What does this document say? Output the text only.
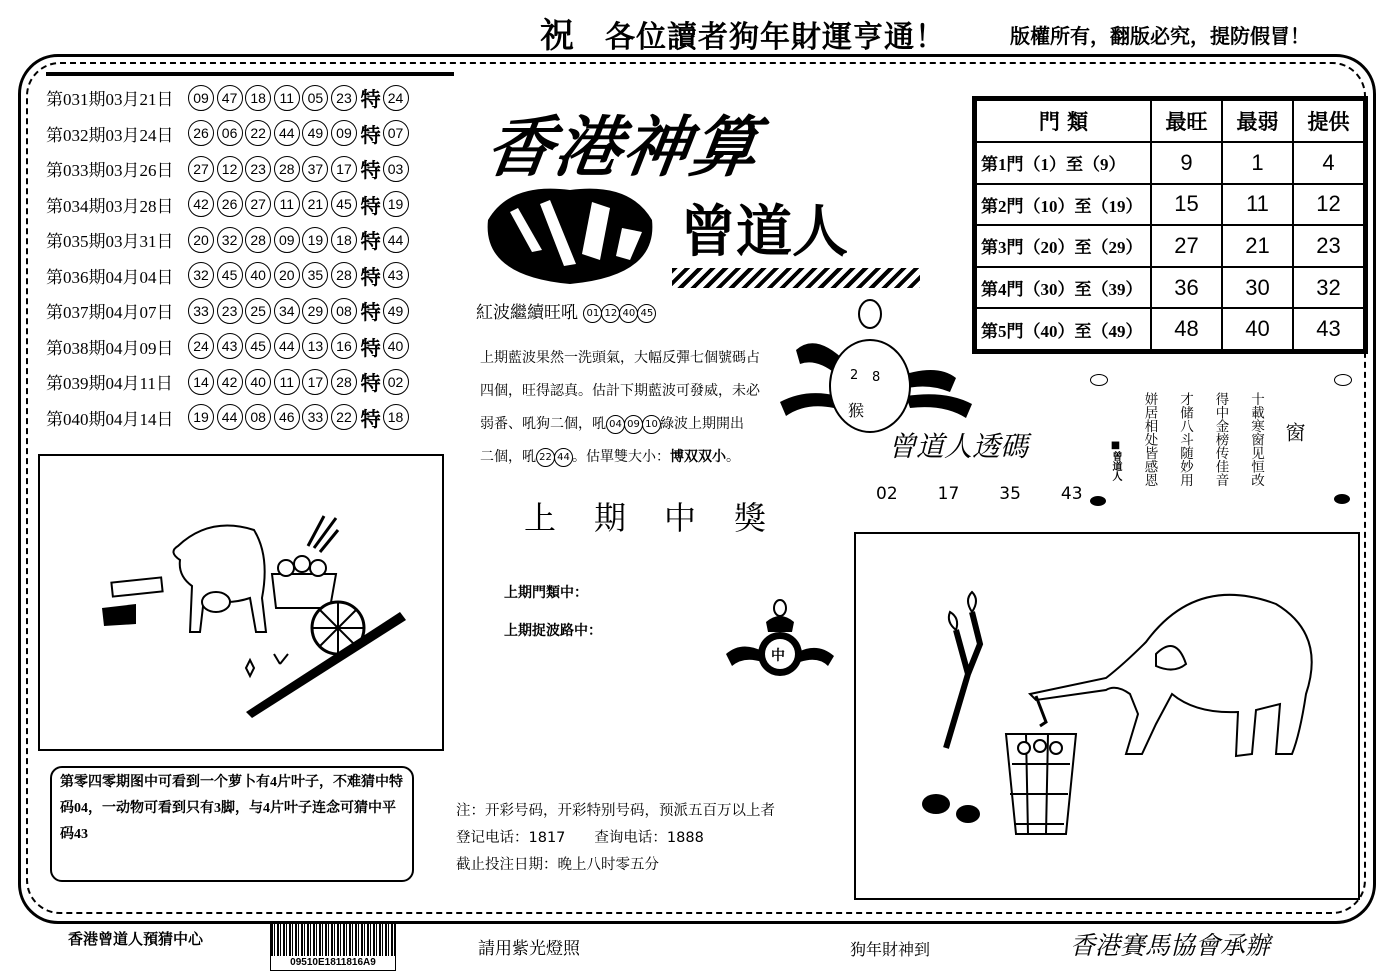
祝 各位讀者狗年財運亨通！	版權所有，翻版必究，提防假冒！
第031期03月21日	09 47 18 11 05 23 特 24
第032期03月24日	26 06 22 44 49 09 特 07
第033期03月26日	27 12 23 28 37 17 特 03
第034期03月28日	42 26 27 11 21 45 特 19
第035期03月31日	20 32 28 09 19 18 特 44
第036期04月04日	32 45 40 20 35 28 特 43
第037期04月07日	33 23 25 34 29 08 特 49
第038期04月09日	24 43 45 44 13 16 特 40
第039期04月11日	14 42 40 11 17 28 特 02
第040期04月14日	19 44 08 46 33 22 特 18
香港神算
曾道人
門 類	最旺	最弱	提供
第1門（1）至（9）	9	1	4
第2門（10）至（19）	15	11	12
第3門（20）至（29）	27	21	23
第4門（30）至（39）	36	30	32
第5門（40）至（49）	48	40	43
紅波繼續旺吼 01 12 40 45
上期藍波果然一洗頭氣，大幅反彈七個號碼占
四個，旺得認真。估計下期藍波可發威，未必
弱番、吼狗二個，吼 04 09 10 綠波上期開出
二個，吼 22 44 。估單雙大小：博双双小。
2 8
猴
曾道人透碼
02 17 35 43
窗
十載寒窗见恒改
得中金榜传佳音
才储八斗随妙用
姘居相处皆感恩
■曾道人
第零四零期图中可看到一个萝卜有4片叶子，不难猜中特码04，一动物可看到只有3脚，与4片叶子连念可猜中平码43
上期中獎
上期門類中：
上期捉波路中：
中
注：开彩号码，开彩特别号码，预派五百万以上者
登记电话：1817　　查询电话：1888
截止投注日期：晚上八时零五分
香港曾道人預猜中心
09510E1811816A9
請用紫光燈照	狗年財神到	香港賽馬協會承辦
